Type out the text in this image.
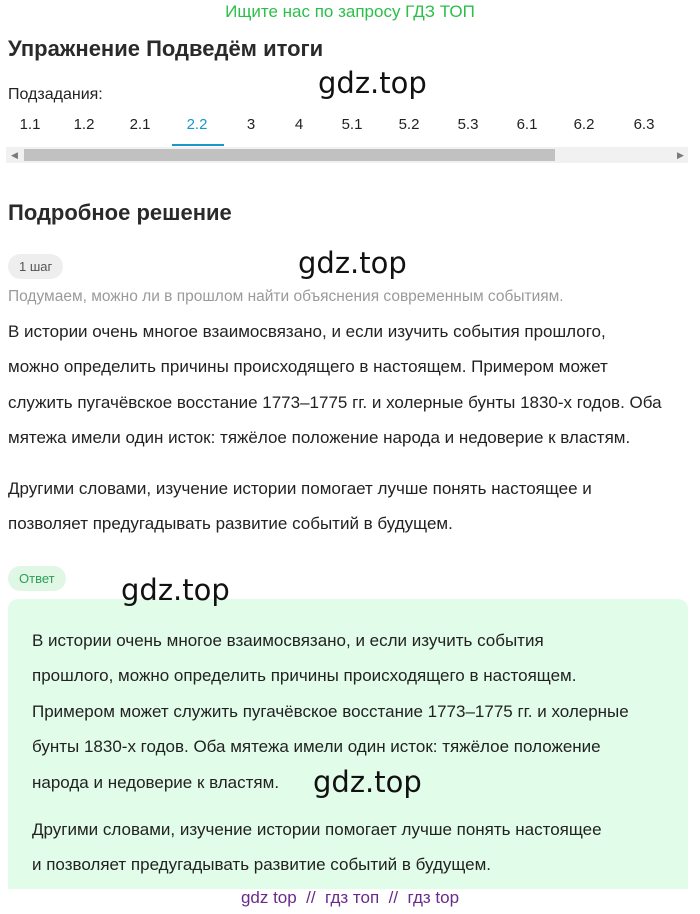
Ищите нас по запросу ГДЗ ТОП
Упражнение Подведём итоги
gdz.top
Подзадания:
1.1 1.2 2.1 2.2	3	4	5.1 5.2	5.3	6.1 6.2	6.3
◀	▶
Подробное решение
1 шаг	gdz.top
Подумаем, можно ли в прошлом найти объяснения современным событиям.

В истории очень многое взаимосвязано, и если изучить события прошлого,
можно определить причины происходящего в настоящем. Примером может
служить пугачёвское восстание 1773–1775 гг. и холерные бунты 1830-х годов. Оба
мятежа имели один исток: тяжёлое положение народа и недоверие к властям.

Другими словами, изучение истории помогает лучше понять настоящее и
позволяет предугадывать развитие событий в будущем.

Ответ	gdz.top

В истории очень многое взаимосвязано, и если изучить события
прошлого, можно определить причины происходящего в настоящем.
Примером может служить пугачёвское восстание 1773–1775 гг. и холерные
бунты 1830-х годов. Оба мятежа имели один исток: тяжёлое положение
народа и недоверие к властям.	gdz.top

Другими словами, изучение истории помогает лучше понять настоящее
и позволяет предугадывать развитие событий в будущем.

gdz top  //  гдз топ  //  гдз top
